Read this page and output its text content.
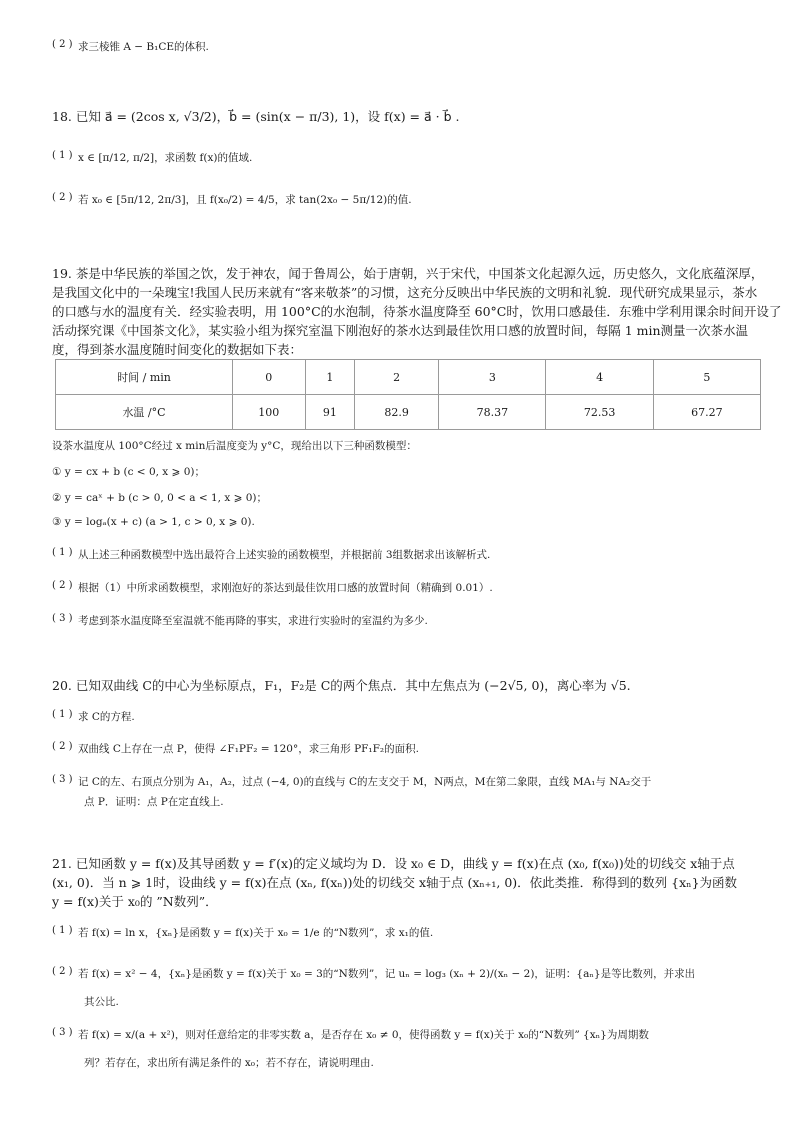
( 2 ) 求三棱锥 A − B₁CE的体积.
18. 已知 a⃗ = (2cos x, √3/2)，b⃗ = (sin(x − π/3), 1)，设 f(x) = a⃗ · b⃗ .
( 1 ) x ∈ [π/12, π/2]，求函数 f(x)的值域.
( 2 ) 若 x₀ ∈ [5π/12, 2π/3]，且 f(x₀/2) = 4/5，求 tan(2x₀ − 5π/12)的值.
19. 茶是中华民族的举国之饮，发于神农，闻于鲁周公，始于唐朝，兴于宋代，中国茶文化起源久远，历史悠久，文化底蕴深厚，
是我国文化中的一朵瑰宝!我国人民历来就有“客来敬茶”的习惯，这充分反映出中华民族的文明和礼貌．现代研究成果显示，茶水
的口感与水的温度有关．经实验表明，用 100°C的水泡制，待茶水温度降至 60°C时，饮用口感最佳．东雅中学利用课余时间开设了
活动探究课《中国茶文化》，某实验小组为探究室温下刚泡好的茶水达到最佳饮用口感的放置时间，每隔 1 min测量一次茶水温
度，得到茶水温度随时间变化的数据如下表：
时间 / min	0	1	2	3	4	5
水温 /°C	100	91	82.9	78.37	72.53	67.27
设茶水温度从 100°C经过 x min后温度变为 y°C，现给出以下三种函数模型：
① y = cx + b (c < 0, x ⩾ 0)；
② y = caˣ + b (c > 0, 0 < a < 1, x ⩾ 0)；
③ y = logₐ(x + c) (a > 1, c > 0, x ⩾ 0).
( 1 ) 从上述三种函数模型中选出最符合上述实验的函数模型，并根据前 3组数据求出该解析式.
( 2 ) 根据（1）中所求函数模型，求刚泡好的茶达到最佳饮用口感的放置时间（精确到 0.01）.
( 3 ) 考虑到茶水温度降至室温就不能再降的事实，求进行实验时的室温约为多少.
20. 已知双曲线 C的中心为坐标原点，F₁，F₂是 C的两个焦点．其中左焦点为 (−2√5, 0)，离心率为 √5.
( 1 ) 求 C的方程.
( 2 ) 双曲线 C上存在一点 P，使得 ∠F₁PF₂ = 120°，求三角形 PF₁F₂的面积.
( 3 ) 记 C的左、右顶点分别为 A₁，A₂，过点 (−4, 0)的直线与 C的左支交于 M，N两点，M在第二象限，直线 MA₁与 NA₂交于
点 P．证明：点 P在定直线上.
21. 已知函数 y = f(x)及其导函数 y = f′(x)的定义域均为 D．设 x₀ ∈ D，曲线 y = f(x)在点 (x₀, f(x₀))处的切线交 x轴于点
(x₁, 0)．当 n ⩾ 1时，设曲线 y = f(x)在点 (xₙ, f(xₙ))处的切线交 x轴于点 (xₙ₊₁, 0)．依此类推．称得到的数列 {xₙ}为函数
y = f(x)关于 x₀的 ”N数列”．
( 1 ) 若 f(x) = ln x，{xₙ}是函数 y = f(x)关于 x₀ = 1/e 的“N数列”，求 x₁的值.
( 2 ) 若 f(x) = x² − 4，{xₙ}是函数 y = f(x)关于 x₀ = 3的“N数列”，记 uₙ = log₃ (xₙ + 2)/(xₙ − 2)，证明：{aₙ}是等比数列，并求出
其公比.
( 3 ) 若 f(x) = x/(a + x²)，则对任意给定的非零实数 a，是否存在 x₀ ≠ 0，使得函数 y = f(x)关于 x₀的“N数列” {xₙ}为周期数
列？若存在，求出所有满足条件的 x₀；若不存在，请说明理由.
